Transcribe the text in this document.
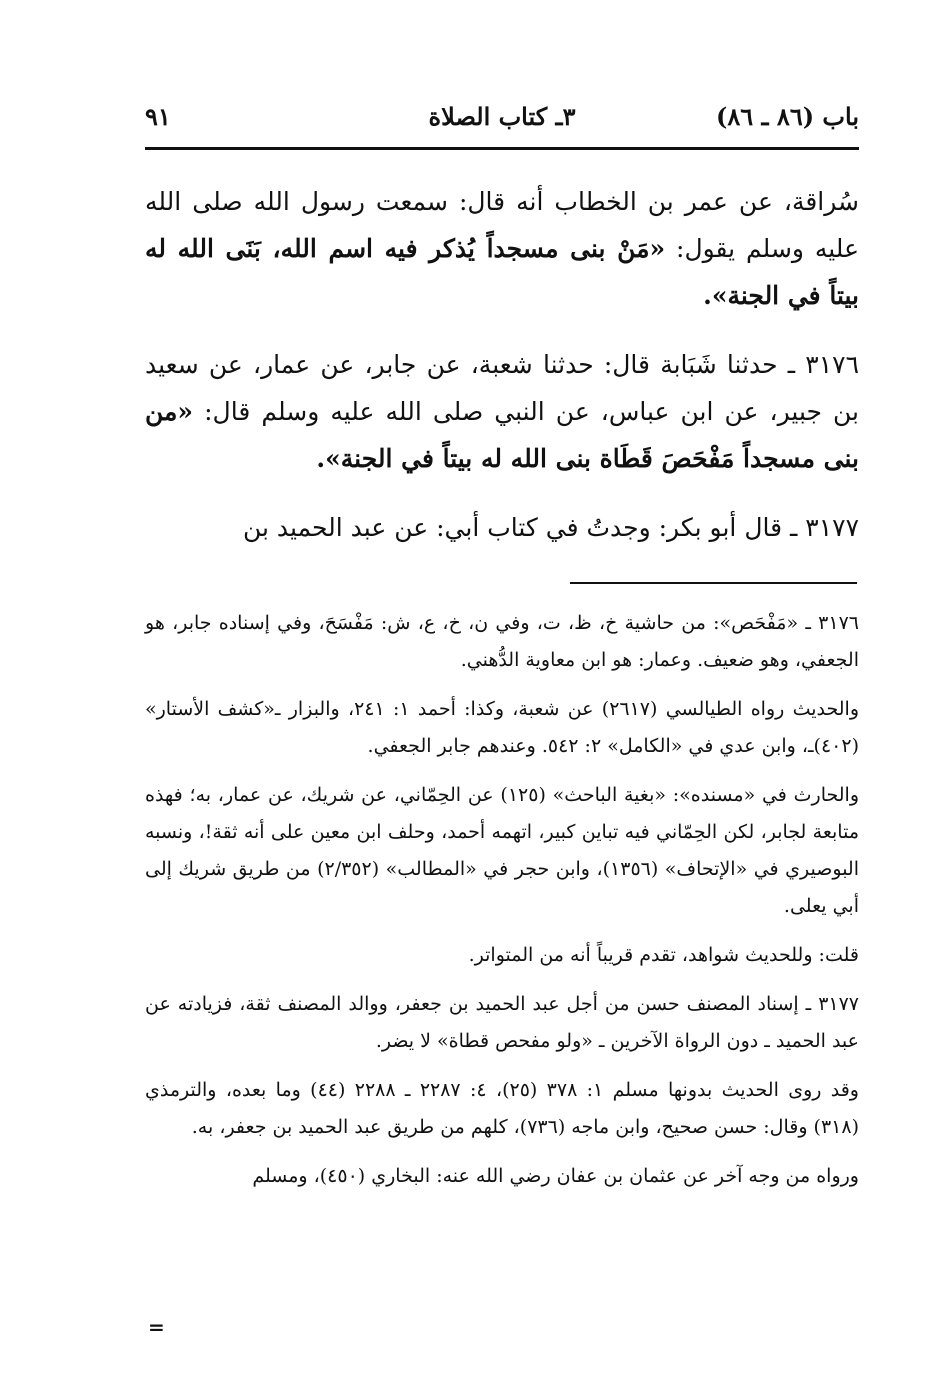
باب (٨٦ ـ ٨٦)
٣ـ كتاب الصلاة
٩١

سُراقة، عن عمر بن الخطاب أنه قال: سمعت رسول الله صلى الله عليه وسلم يقول: «مَنْ بنى مسجداً يُذكر فيه اسم الله، بَنَى الله له بيتاً في الجنة».

٣١٧٦ ـ حدثنا شَبَابة قال: حدثنا شعبة، عن جابر، عن عمار، عن سعيد بن جبير، عن ابن عباس، عن النبي صلى الله عليه وسلم قال: «من بنى مسجداً مَفْحَصَ قَطَاة بنى الله له بيتاً في الجنة».

٣١٧٧ ـ قال أبو بكر: وجدتُ في كتاب أبي: عن عبد الحميد بن

٣١٧٦ ـ «مَفْحَص»: من حاشية خ، ظ، ت، وفي ن، خ، ع، ش: مَفْسَحَ، وفي إسناده جابر، هو الجعفي، وهو ضعيف. وعمار: هو ابن معاوية الدُّهني.

والحديث رواه الطيالسي (٢٦١٧) عن شعبة، وكذا: أحمد ١: ٢٤١، والبزار ـ«كشف الأستار» (٤٠٢)ـ، وابن عدي في «الكامل» ٢: ٥٤٢. وعندهم جابر الجعفي.

والحارث في «مسنده»: «بغية الباحث» (١٢٥) عن الحِمّاني، عن شريك، عن عمار، به؛ فهذه متابعة لجابر، لكن الحِمّاني فيه تباين كبير، اتهمه أحمد، وحلف ابن معين على أنه ثقة!، ونسبه البوصيري في «الإتحاف» (١٣٥٦)، وابن حجر في «المطالب» (٢/٣٥٢) من طريق شريك إلى أبي يعلى.

قلت: وللحديث شواهد، تقدم قريباً أنه من المتواتر.

٣١٧٧ ـ إسناد المصنف حسن من أجل عبد الحميد بن جعفر، ووالد المصنف ثقة، فزيادته عن عبد الحميد ـ دون الرواة الآخرين ـ «ولو مفحص قطاة» لا يضر.

وقد روى الحديث بدونها مسلم ١: ٣٧٨ (٢٥)، ٤: ٢٢٨٧ ـ ٢٢٨٨ (٤٤) وما بعده، والترمذي (٣١٨) وقال: حسن صحيح، وابن ماجه (٧٣٦)، كلهم من طريق عبد الحميد بن جعفر، به.

ورواه من وجه آخر عن عثمان بن عفان رضي الله عنه: البخاري (٤٥٠)، ومسلم

=
